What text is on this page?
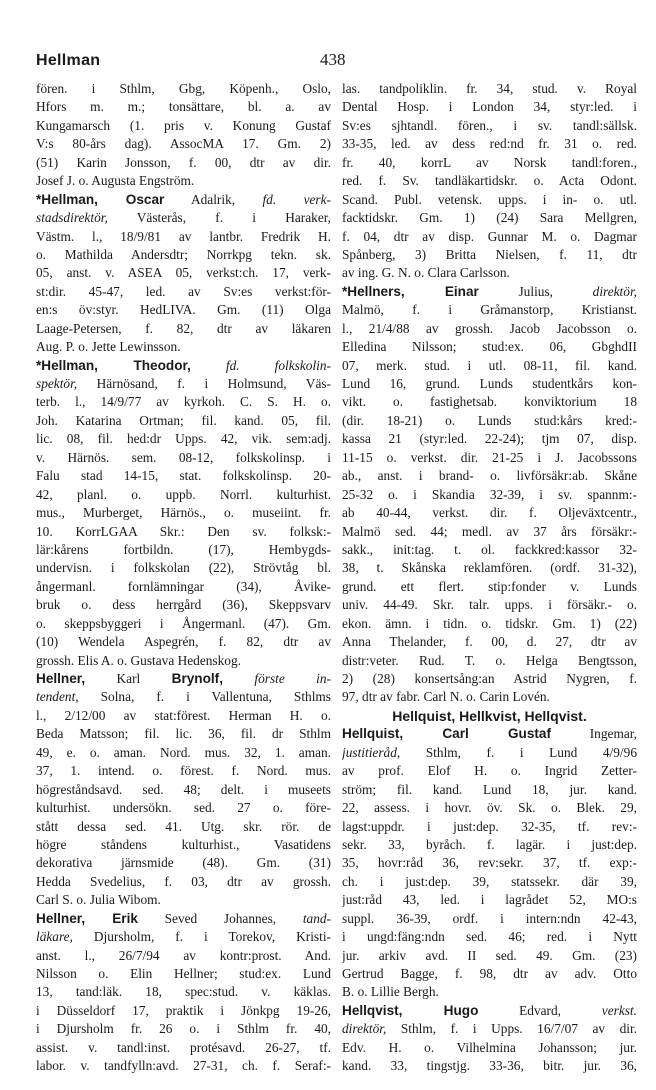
Hellman	438
fören. i Sthlm, Gbg, Köpenh., Oslo,
Hfors m. m.; tonsättare, bl. a. av
Kungamarsch (1. pris v. Konung Gustaf
V:s 80-års dag). AssocMA 17. Gm. 2)
(51) Karin Jonsson, f. 00, dtr av dir.
Josef J. o. Augusta Engström.
*Hellman, Oscar Adalrik, fd. verk-
stadsdirektör, Västerås, f. i Haraker,
Västm. l., 18/9/81 av lantbr. Fredrik H.
o. Mathilda Andersdtr; Norrkpg tekn. sk.
05, anst. v. ASEA 05, verkst:ch. 17, verk-
st:dir. 45-47, led. av Sv:es verkst:för-
en:s öv:styr. HedLIVA. Gm. (11) Olga
Laage-Petersen, f. 82, dtr av läkaren
Aug. P. o. Jette Lewinsson.
*Hellman, Theodor,	fd. folkskolin-
spektör, Härnösand, f. i Holmsund, Väs-
terb. l., 14/9/77 av kyrkoh. C. S. H. o.
Joh. Katarina Ortman; fil. kand. 05, fil.
lic. 08, fil. hed:dr Upps. 42, vik. sem:adj.
v. Härnös. sem. 08-12, folkskolinsp. i
Falu stad 14-15, stat. folkskolinsp. 20-
42, planl. o. uppb. Norrl. kulturhist.
mus., Murberget, Härnös., o. museiint. fr.
10. KorrLGAA Skr.: Den sv. folksk:-
lär:kårens fortbildn. (17), Hembygds-
undervisn. i folkskolan (22), Strövtåg bl.
ångermanl. fornlämningar (34), Åvike-
bruk o. dess herrgård (36), Skeppsvarv
o. skeppsbyggeri i Ångermanl. (47). Gm.
(10) Wendela Aspegrén, f. 82, dtr av
grossh. Elis A. o. Gustava Hedenskog.
Hellner, Karl Brynolf, förste in-
tendent, Solna, f. i Vallentuna, Sthlms
l., 2/12/00 av stat:förest. Herman H. o.
Beda Matsson; fil. lic. 36, fil. dr Sthlm
49, e. o. aman. Nord. mus. 32, 1. aman.
37, 1. intend. o. förest. f. Nord. mus.
högreståndsavd. sed. 48; delt. i museets
kulturhist. undersökn. sed. 27 o. före-
stått dessa sed. 41. Utg. skr. rör. de
högre ståndens kulturhist., Vasatidens
dekorativa järnsmide (48). Gm. (31)
Hedda Svedelius, f. 03, dtr av grossh.
Carl S. o. Julia Wibom.
Hellner, Erik Seved Johannes, tand-
läkare, Djursholm, f. i Torekov, Kristi-
anst. l., 26/7/94 av kontr:prost. And.
Nilsson o. Elin Hellner; stud:ex. Lund
13, tand:läk. 18, spec:stud. v. käklas.
i Düsseldorf 17, praktik i Jönkpg 19-26,
i Djursholm fr. 26 o. i Sthlm fr. 40,
assist. v. tandl:inst. protésavd. 26-27, tf.
labor. v. tandfylln:avd. 27-31, ch. f. Seraf:-
las. tandpoliklin. fr. 34, stud. v. Royal
Dental Hosp. i London 34, styr:led. i
Sv:es sjhtandl. fören., i sv. tandl:sällsk.
33-35, led. av dess red:nd fr. 31 o. red.
fr. 40, korrL av Norsk tandl:foren.,
red. f. Sv. tandläkartidskr. o. Acta Odont.
Scand. Publ. vetensk. upps. i in- o. utl.
facktidskr. Gm. 1) (24) Sara Mellgren,
f. 04, dtr av disp. Gunnar M. o. Dagmar
Spånberg, 3) Britta Nielsen, f. 11, dtr
av ing. G. N. o. Clara Carlsson.
*Hellners, Einar Julius, direktör,
Malmö, f. i Gråmanstorp, Kristianst.
l., 21/4/88 av grossh. Jacob Jacobsson o.
Elledina Nilsson; stud:ex. 06, GbghdII
07, merk. stud. i utl. 08-11, fil. kand.
Lund 16, grund. Lunds studentkårs kon-
vikt. o. fastighetsab. konviktorium 18
(dir. 18-21) o. Lunds stud:kårs kred:-
kassa 21 (styr:led. 22-24); tjm 07, disp.
11-15 o. verkst. dir. 21-25 i J. Jacobssons
ab., anst. i brand- o. livförsäkr:ab. Skåne
25-32 o. i Skandia 32-39, i sv. spannm:-
ab 40-44, verkst. dir. f. Oljeväxtcentr.,
Malmö sed. 44; medl. av 37 års försäkr:-
sakk., init:tag. t. ol. fackkred:kassor 32-
38, t. Skånska reklamfören. (ordf. 31-32),
grund. ett flert. stip:fonder v. Lunds
univ. 44-49. Skr. talr. upps. i försäkr.- o.
ekon. ämn. i tidn. o. tidskr. Gm. 1) (22)
Anna Thelander, f. 00, d. 27, dtr av
distr:veter. Rud. T. o. Helga Bengtsson,
2) (28) konsertsång:an Astrid Nygren, f.
97, dtr av fabr. Carl N. o. Carin Lovén.
Hellquist, Hellkvist, Hellqvist.
Hellquist, Carl Gustaf Ingemar,
justitieråd, Sthlm, f. i Lund 4/9/96
av prof. Elof H. o. Ingrid Zetter-
ström; fil. kand. Lund 18, jur. kand.
22, assess. i hovr. öv. Sk. o. Blek. 29,
lagst:uppdr. i just:dep. 32-35, tf. rev:-
sekr. 33, byråch. f. lagär. i just:dep.
35, hovr:råd 36, rev:sekr. 37, tf. exp:-
ch. i just:dep. 39, statssekr. där 39,
just:råd 43, led. i lagrådet 52, MO:s
suppl. 36-39, ordf. i intern:ndn 42-43,
i ungd:fäng:ndn sed. 46; red. i Nytt
jur. arkiv avd. II sed. 49. Gm. (23)
Gertrud Bagge, f. 98, dtr av adv. Otto
B. o. Lillie Bergh.
Hellqvist, Hugo Edvard, verkst.
direktör, Sthlm, f. i Upps. 16/7/07 av dir.
Edv. H. o. Vilhelmina Johansson; jur.
kand. 33, tingstjg. 33-36, bitr. jur. 36,
